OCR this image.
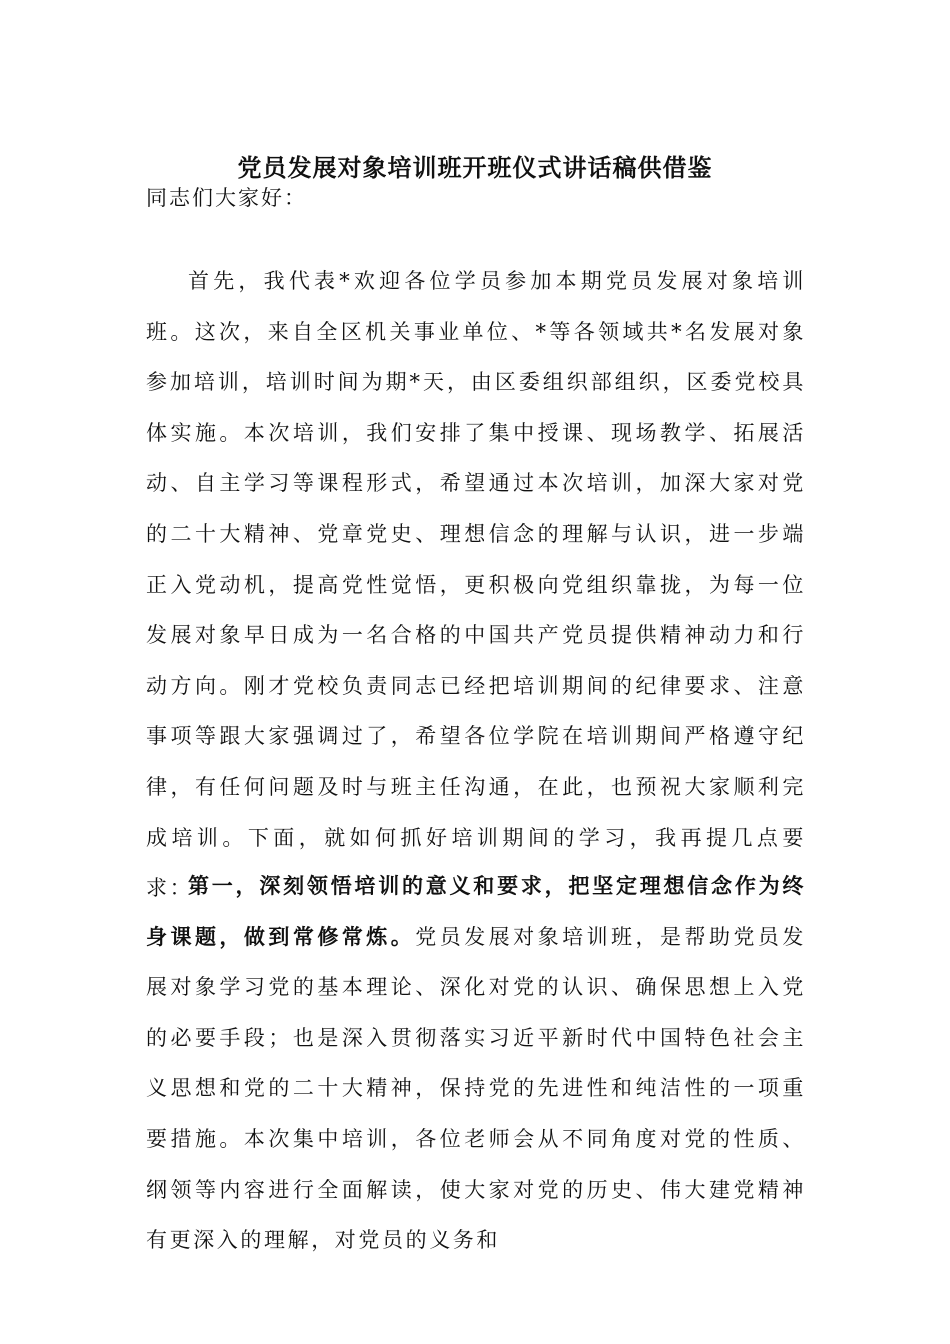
党员发展对象培训班开班仪式讲话稿供借鉴

同志们大家好：

首先，我代表*欢迎各位学员参加本期党员发展对象培训班。这次，来自全区机关事业单位、*等各领域共*名发展对象参加培训，培训时间为期*天，由区委组织部组织，区委党校具体实施。本次培训，我们安排了集中授课、现场教学、拓展活动、自主学习等课程形式，希望通过本次培训，加深大家对党的二十大精神、党章党史、理想信念的理解与认识，进一步端正入党动机，提高党性觉悟，更积极向党组织靠拢，为每一位发展对象早日成为一名合格的中国共产党员提供精神动力和行动方向。刚才党校负责同志已经把培训期间的纪律要求、注意事项等跟大家强调过了，希望各位学院在培训期间严格遵守纪律，有任何问题及时与班主任沟通，在此，也预祝大家顺利完成培训。下面，就如何抓好培训期间的学习，我再提几点要求：

第一，深刻领悟培训的意义和要求，把坚定理想信念作为终身课题，做到常修常炼。党员发展对象培训班，是帮助党员发展对象学习党的基本理论、深化对党的认识、确保思想上入党的必要手段；也是深入贯彻落实习近平新时代中国特色社会主义思想和党的二十大精神，保持党的先进性和纯洁性的一项重要措施。本次集中培训，各位老师会从不同角度对党的性质、纲领等内容进行全面解读，使大家对党的历史、伟大建党精神有更深入的理解，对党员的义务和
